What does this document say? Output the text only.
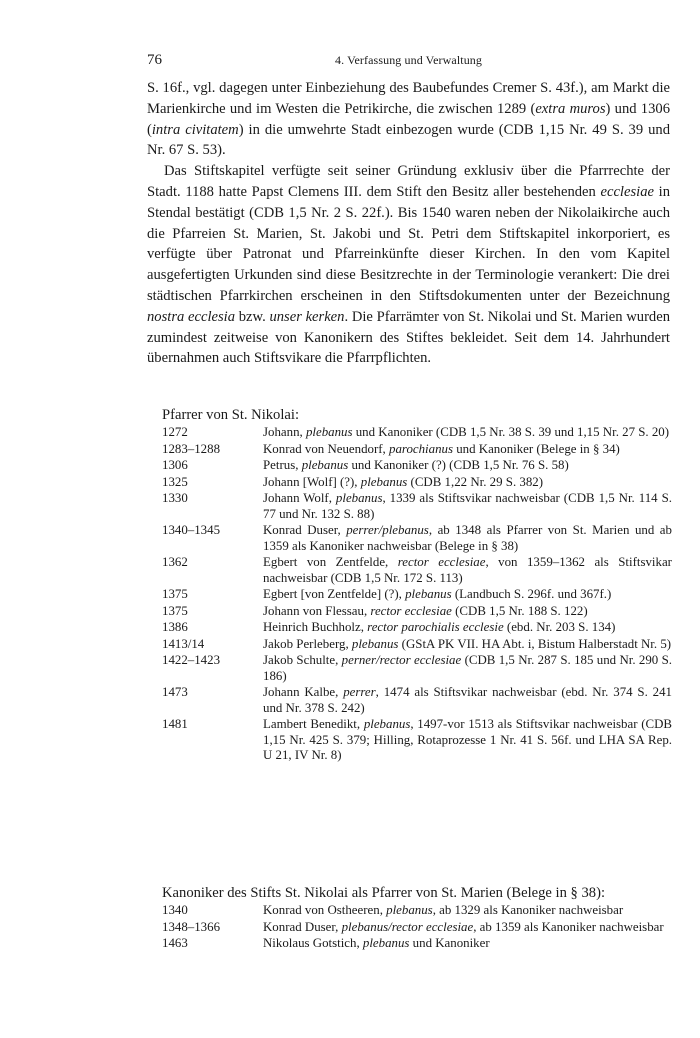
76	4. Verfassung und Verwaltung

S. 16f., vgl. dagegen unter Einbeziehung des Baubefundes Cremer S. 43f.), am Markt die Marienkirche und im Westen die Petrikirche, die zwischen 1289 (extra muros) und 1306 (intra civitatem) in die umwehrte Stadt einbezogen wurde (CDB 1,15 Nr. 49 S. 39 und Nr. 67 S. 53).

Das Stiftskapitel verfügte seit seiner Gründung exklusiv über die Pfarrrechte der Stadt. 1188 hatte Papst Clemens III. dem Stift den Besitz aller bestehenden ecclesiae in Stendal bestätigt (CDB 1,5 Nr. 2 S. 22f.). Bis 1540 waren neben der Nikolaikirche auch die Pfarreien St. Marien, St. Jakobi und St. Petri dem Stiftskapitel inkorporiert, es verfügte über Patronat und Pfarreinkünfte dieser Kirchen. In den vom Kapitel ausgefertigten Urkunden sind diese Besitzrechte in der Terminologie verankert: Die drei städtischen Pfarrkirchen erscheinen in den Stiftsdokumenten unter der Bezeichnung nostra ecclesia bzw. unser kerken. Die Pfarrämter von St. Nikolai und St. Marien wurden zumindest zeitweise von Kanonikern des Stiftes bekleidet. Seit dem 14. Jahrhundert übernahmen auch Stiftsvikare die Pfarrpflichten.

Pfarrer von St. Nikolai:

1272	Johann, plebanus und Kanoniker (CDB 1,5 Nr. 38 S. 39 und 1,15 Nr. 27 S. 20)
1283–1288	Konrad von Neuendorf, parochianus und Kanoniker (Belege in § 34)
1306	Petrus, plebanus und Kanoniker (?) (CDB 1,5 Nr. 76 S. 58)
1325	Johann [Wolf] (?), plebanus (CDB 1,22 Nr. 29 S. 382)
1330	Johann Wolf, plebanus, 1339 als Stiftsvikar nachweisbar (CDB 1,5 Nr. 114 S. 77 und Nr. 132 S. 88)
1340–1345	Konrad Duser, perrer/plebanus, ab 1348 als Pfarrer von St. Marien und ab 1359 als Kanoniker nachweisbar (Belege in § 38)
1362	Egbert von Zentfelde, rector ecclesiae, von 1359–1362 als Stiftsvikar nachweisbar (CDB 1,5 Nr. 172 S. 113)
1375	Egbert [von Zentfelde] (?), plebanus (Landbuch S. 296f. und 367f.)
1375	Johann von Flessau, rector ecclesiae (CDB 1,5 Nr. 188 S. 122)
1386	Heinrich Buchholz, rector parochialis ecclesie (ebd. Nr. 203 S. 134)
1413/14	Jakob Perleberg, plebanus (GStA PK VII. HA Abt. i, Bistum Halberstadt Nr. 5)
1422–1423	Jakob Schulte, perner/rector ecclesiae (CDB 1,5 Nr. 287 S. 185 und Nr. 290 S. 186)
1473	Johann Kalbe, perrer, 1474 als Stiftsvikar nachweisbar (ebd. Nr. 374 S. 241 und Nr. 378 S. 242)
1481	Lambert Benedikt, plebanus, 1497-vor 1513 als Stiftsvikar nachweisbar (CDB 1,15 Nr. 425 S. 379; Hilling, Rotaprozesse 1 Nr. 41 S. 56f. und LHA SA Rep. U 21, IV Nr. 8)

Kanoniker des Stifts St. Nikolai als Pfarrer von St. Marien (Belege in § 38):

1340	Konrad von Ostheeren, plebanus, ab 1329 als Kanoniker nachweisbar
1348–1366	Konrad Duser, plebanus/rector ecclesiae, ab 1359 als Kanoniker nachweisbar
1463	Nikolaus Gotstich, plebanus und Kanoniker
